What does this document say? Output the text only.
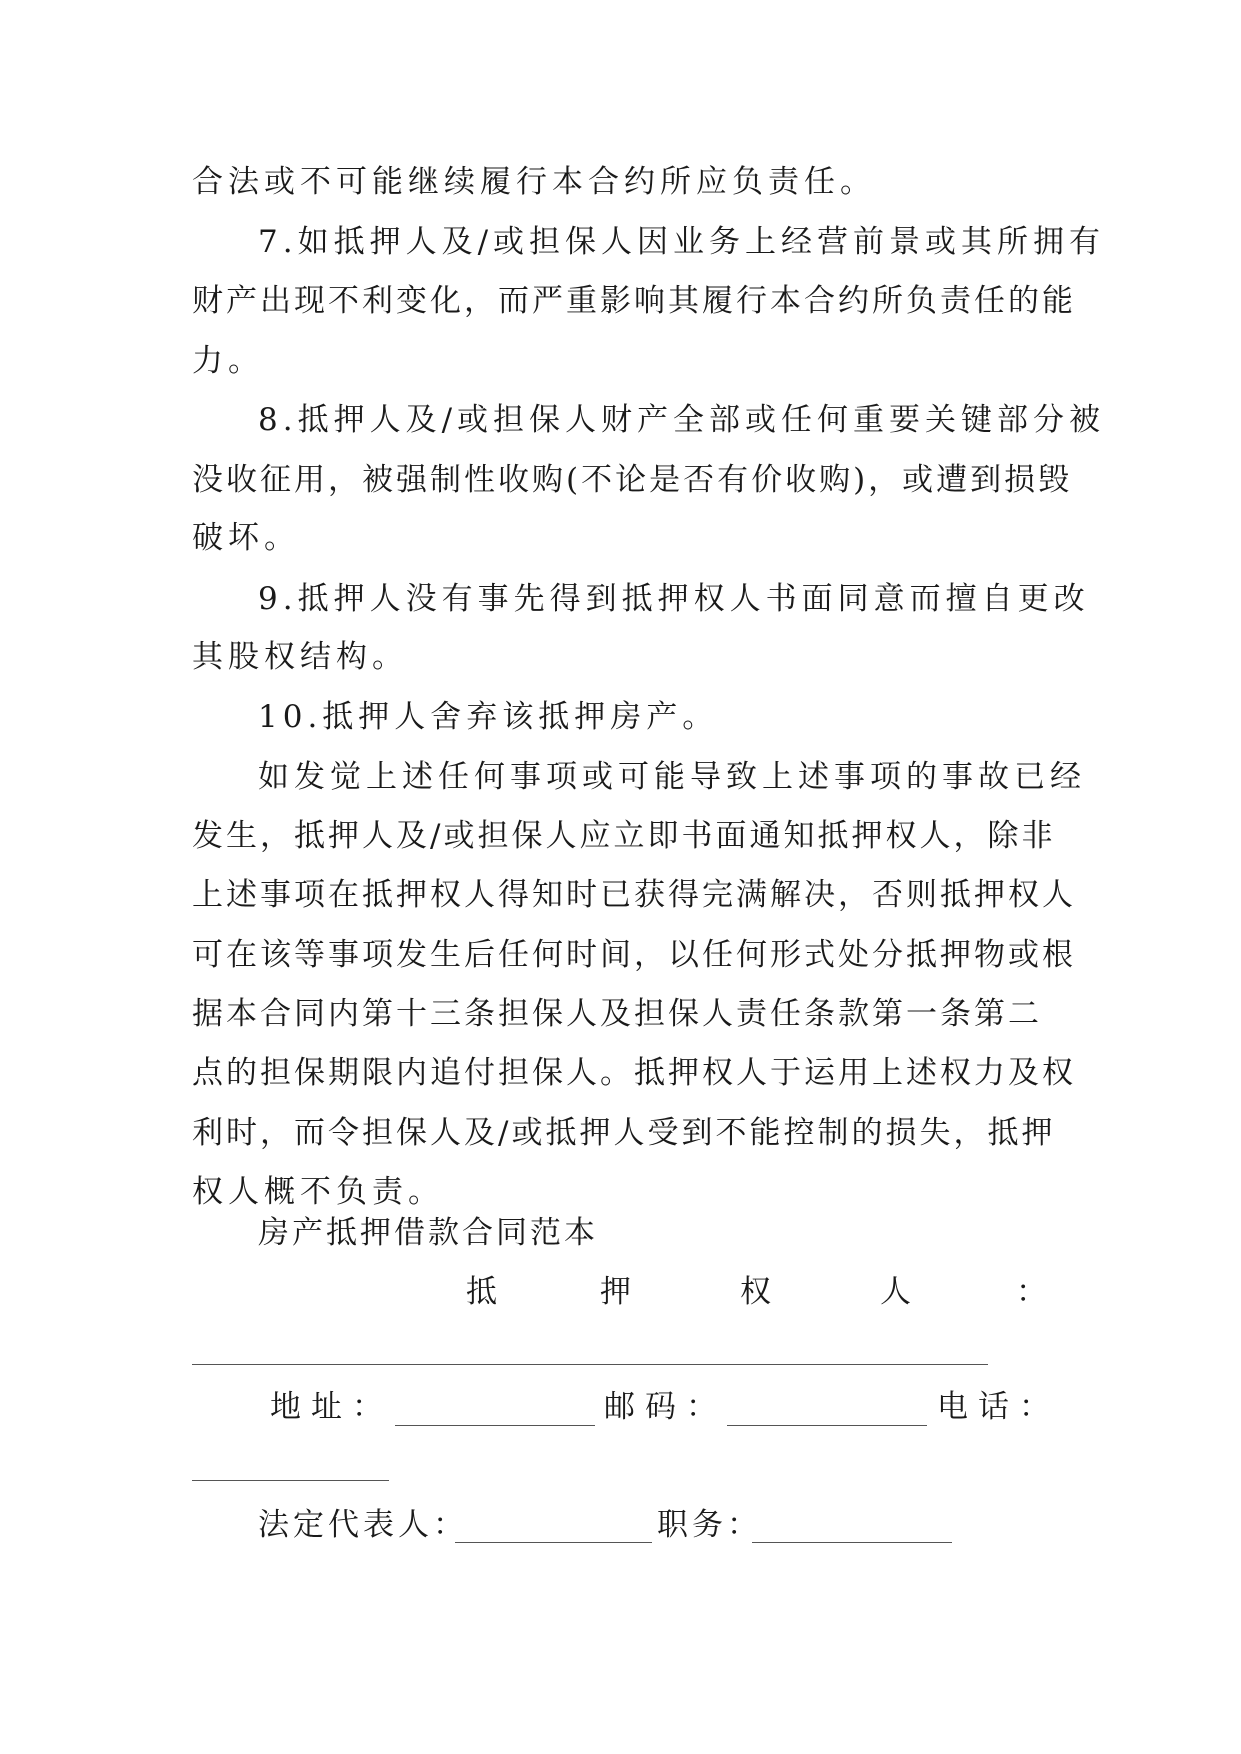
合法或不可能继续履行本合约所应负责任。
7.如抵押人及/或担保人因业务上经营前景或其所拥有
财产出现不利变化，而严重影响其履行本合约所负责任的能
力。
8.抵押人及/或担保人财产全部或任何重要关键部分被
没收征用，被强制性收购(不论是否有价收购)，或遭到损毁
破坏。
9.抵押人没有事先得到抵押权人书面同意而擅自更改
其股权结构。
10.抵押人舍弃该抵押房产。
如发觉上述任何事项或可能导致上述事项的事故已经
发生，抵押人及/或担保人应立即书面通知抵押权人，除非
上述事项在抵押权人得知时已获得完满解决，否则抵押权人
可在该等事项发生后任何时间，以任何形式处分抵押物或根
据本合同内第十三条担保人及担保人责任条款第一条第二
点的担保期限内追付担保人。抵押权人于运用上述权力及权
利时，而令担保人及/或抵押人受到不能控制的损失，抵押
权人概不负责。
房产抵押借款合同范本
抵	押	权	人	：
地址：	邮码：	电话：
法定代表人：	职务：
